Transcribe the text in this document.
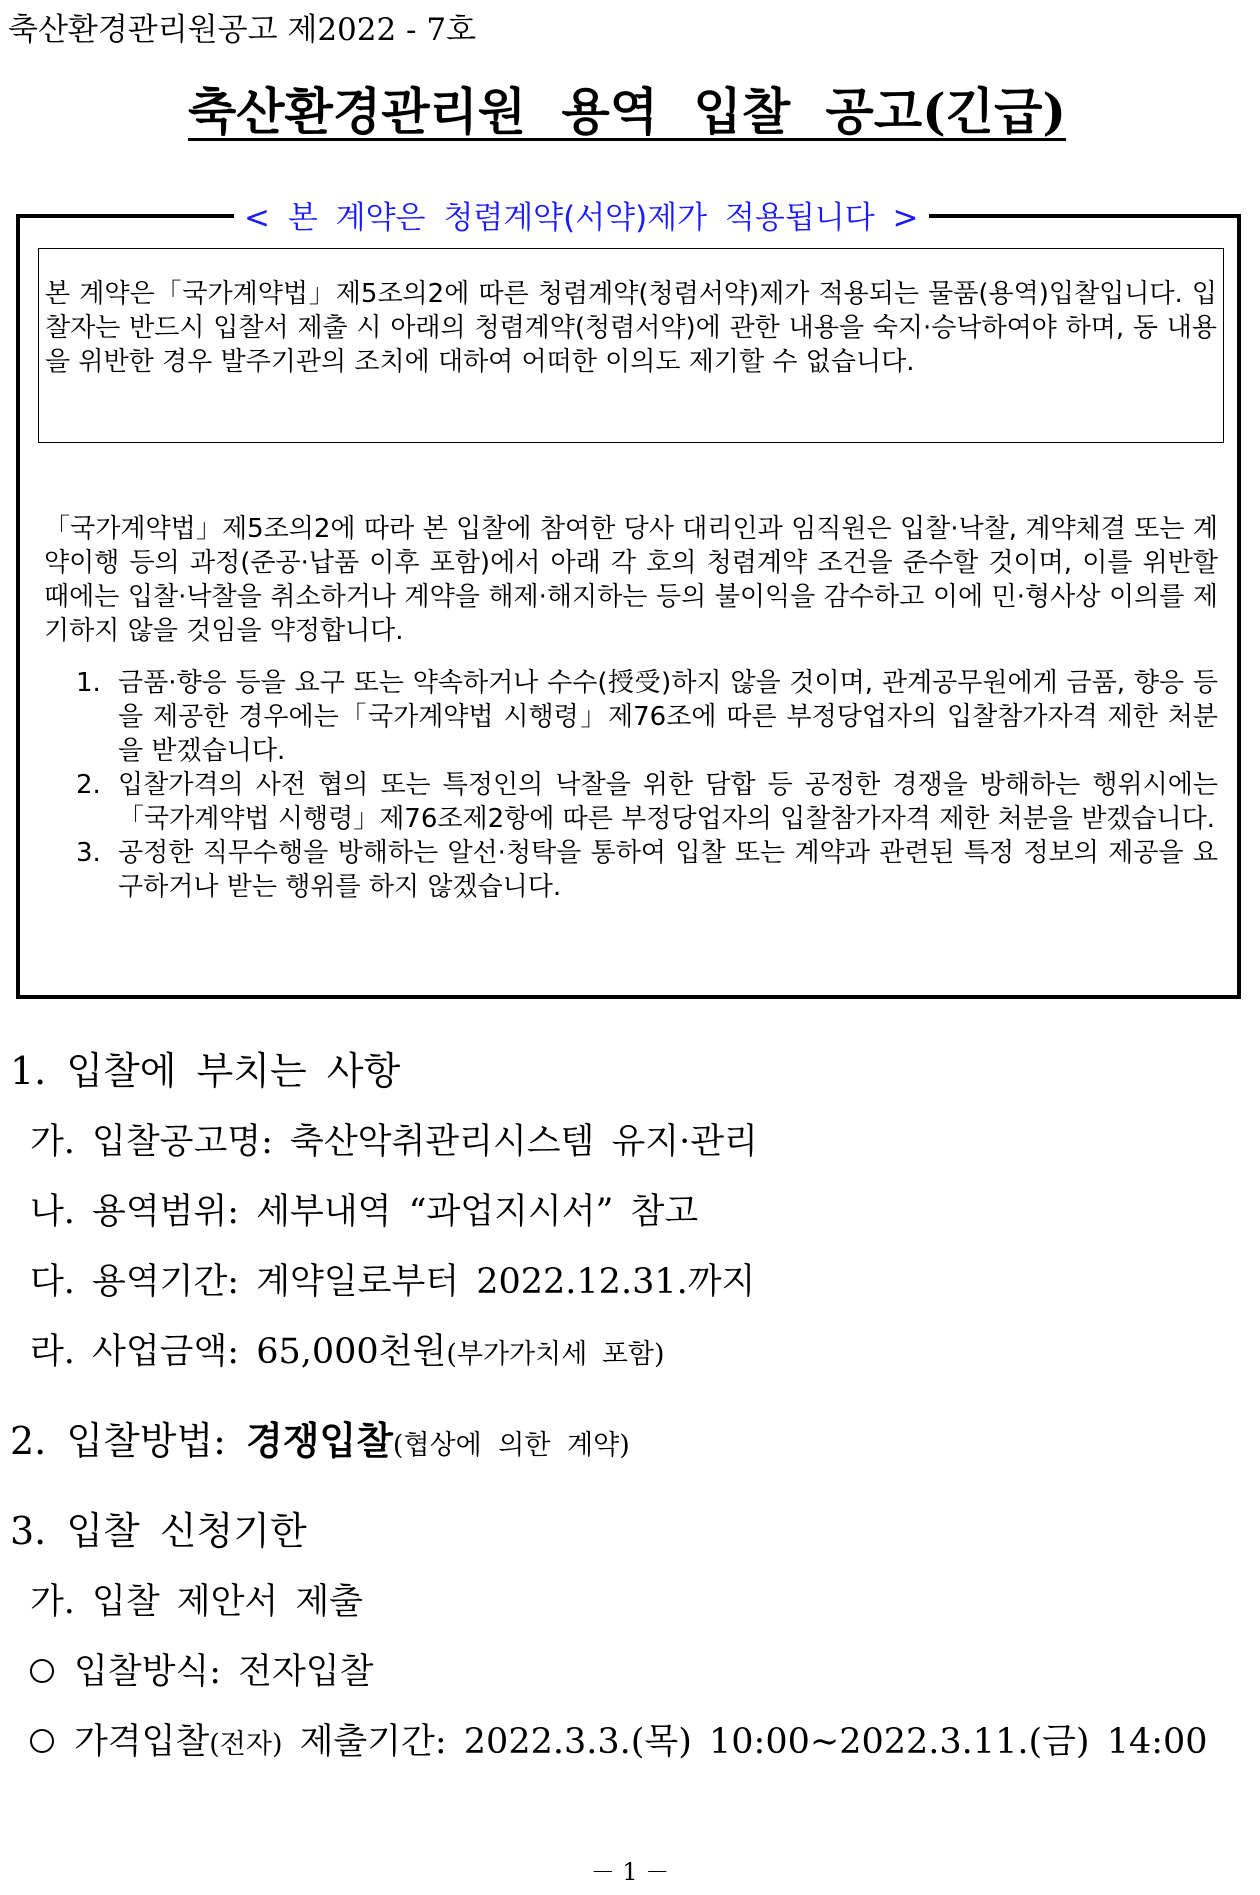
축산환경관리원공고 제2022 - 7호
축산환경관리원 용역 입찰 공고(긴급)
< 본 계약은 청렴계약(서약)제가 적용됩니다 >
본 계약은「국가계약법」제5조의2에 따른 청렴계약(청렴서약)제가 적용되는 물품(용역)입찰입니다. 입찰자는 반드시 입찰서 제출 시 아래의 청렴계약(청렴서약)에 관한 내용을 숙지·승낙하여야 하며, 동 내용을 위반한 경우 발주기관의 조치에 대하여 어떠한 이의도 제기할 수 없습니다.
「국가계약법」제5조의2에 따라 본 입찰에 참여한 당사 대리인과 임직원은 입찰·낙찰, 계약체결 또는 계약이행 등의 과정(준공·납품 이후 포함)에서 아래 각 호의 청렴계약 조건을 준수할 것이며, 이를 위반할 때에는 입찰·낙찰을 취소하거나 계약을 해제·해지하는 등의 불이익을 감수하고 이에 민·형사상 이의를 제기하지 않을 것임을 약정합니다.
1. 금품·향응 등을 요구 또는 약속하거나 수수(授受)하지 않을 것이며, 관계공무원에게 금품, 향응 등을 제공한 경우에는「국가계약법 시행령」제76조에 따른 부정당업자의 입찰참가자격 제한 처분을 받겠습니다.
2. 입찰가격의 사전 협의 또는 특정인의 낙찰을 위한 담합 등 공정한 경쟁을 방해하는 행위시에는「국가계약법 시행령」제76조제2항에 따른 부정당업자의 입찰참가자격 제한 처분을 받겠습니다.
3. 공정한 직무수행을 방해하는 알선·청탁을 통하여 입찰 또는 계약과 관련된 특정 정보의 제공을 요구하거나 받는 행위를 하지 않겠습니다.
1. 입찰에 부치는 사항
가. 입찰공고명: 축산악취관리시스템 유지·관리
나. 용역범위: 세부내역 “과업지시서” 참고
다. 용역기간: 계약일로부터 2022.12.31.까지
라. 사업금액: 65,000천원(부가가치세 포함)
2. 입찰방법: 경쟁입찰(협상에 의한 계약)
3. 입찰 신청기한
가. 입찰 제안서 제출
입찰방식: 전자입찰
가격입찰(전자) 제출기간: 2022.3.3.(목) 10:00∼2022.3.11.(금) 14:00
－ 1 －
